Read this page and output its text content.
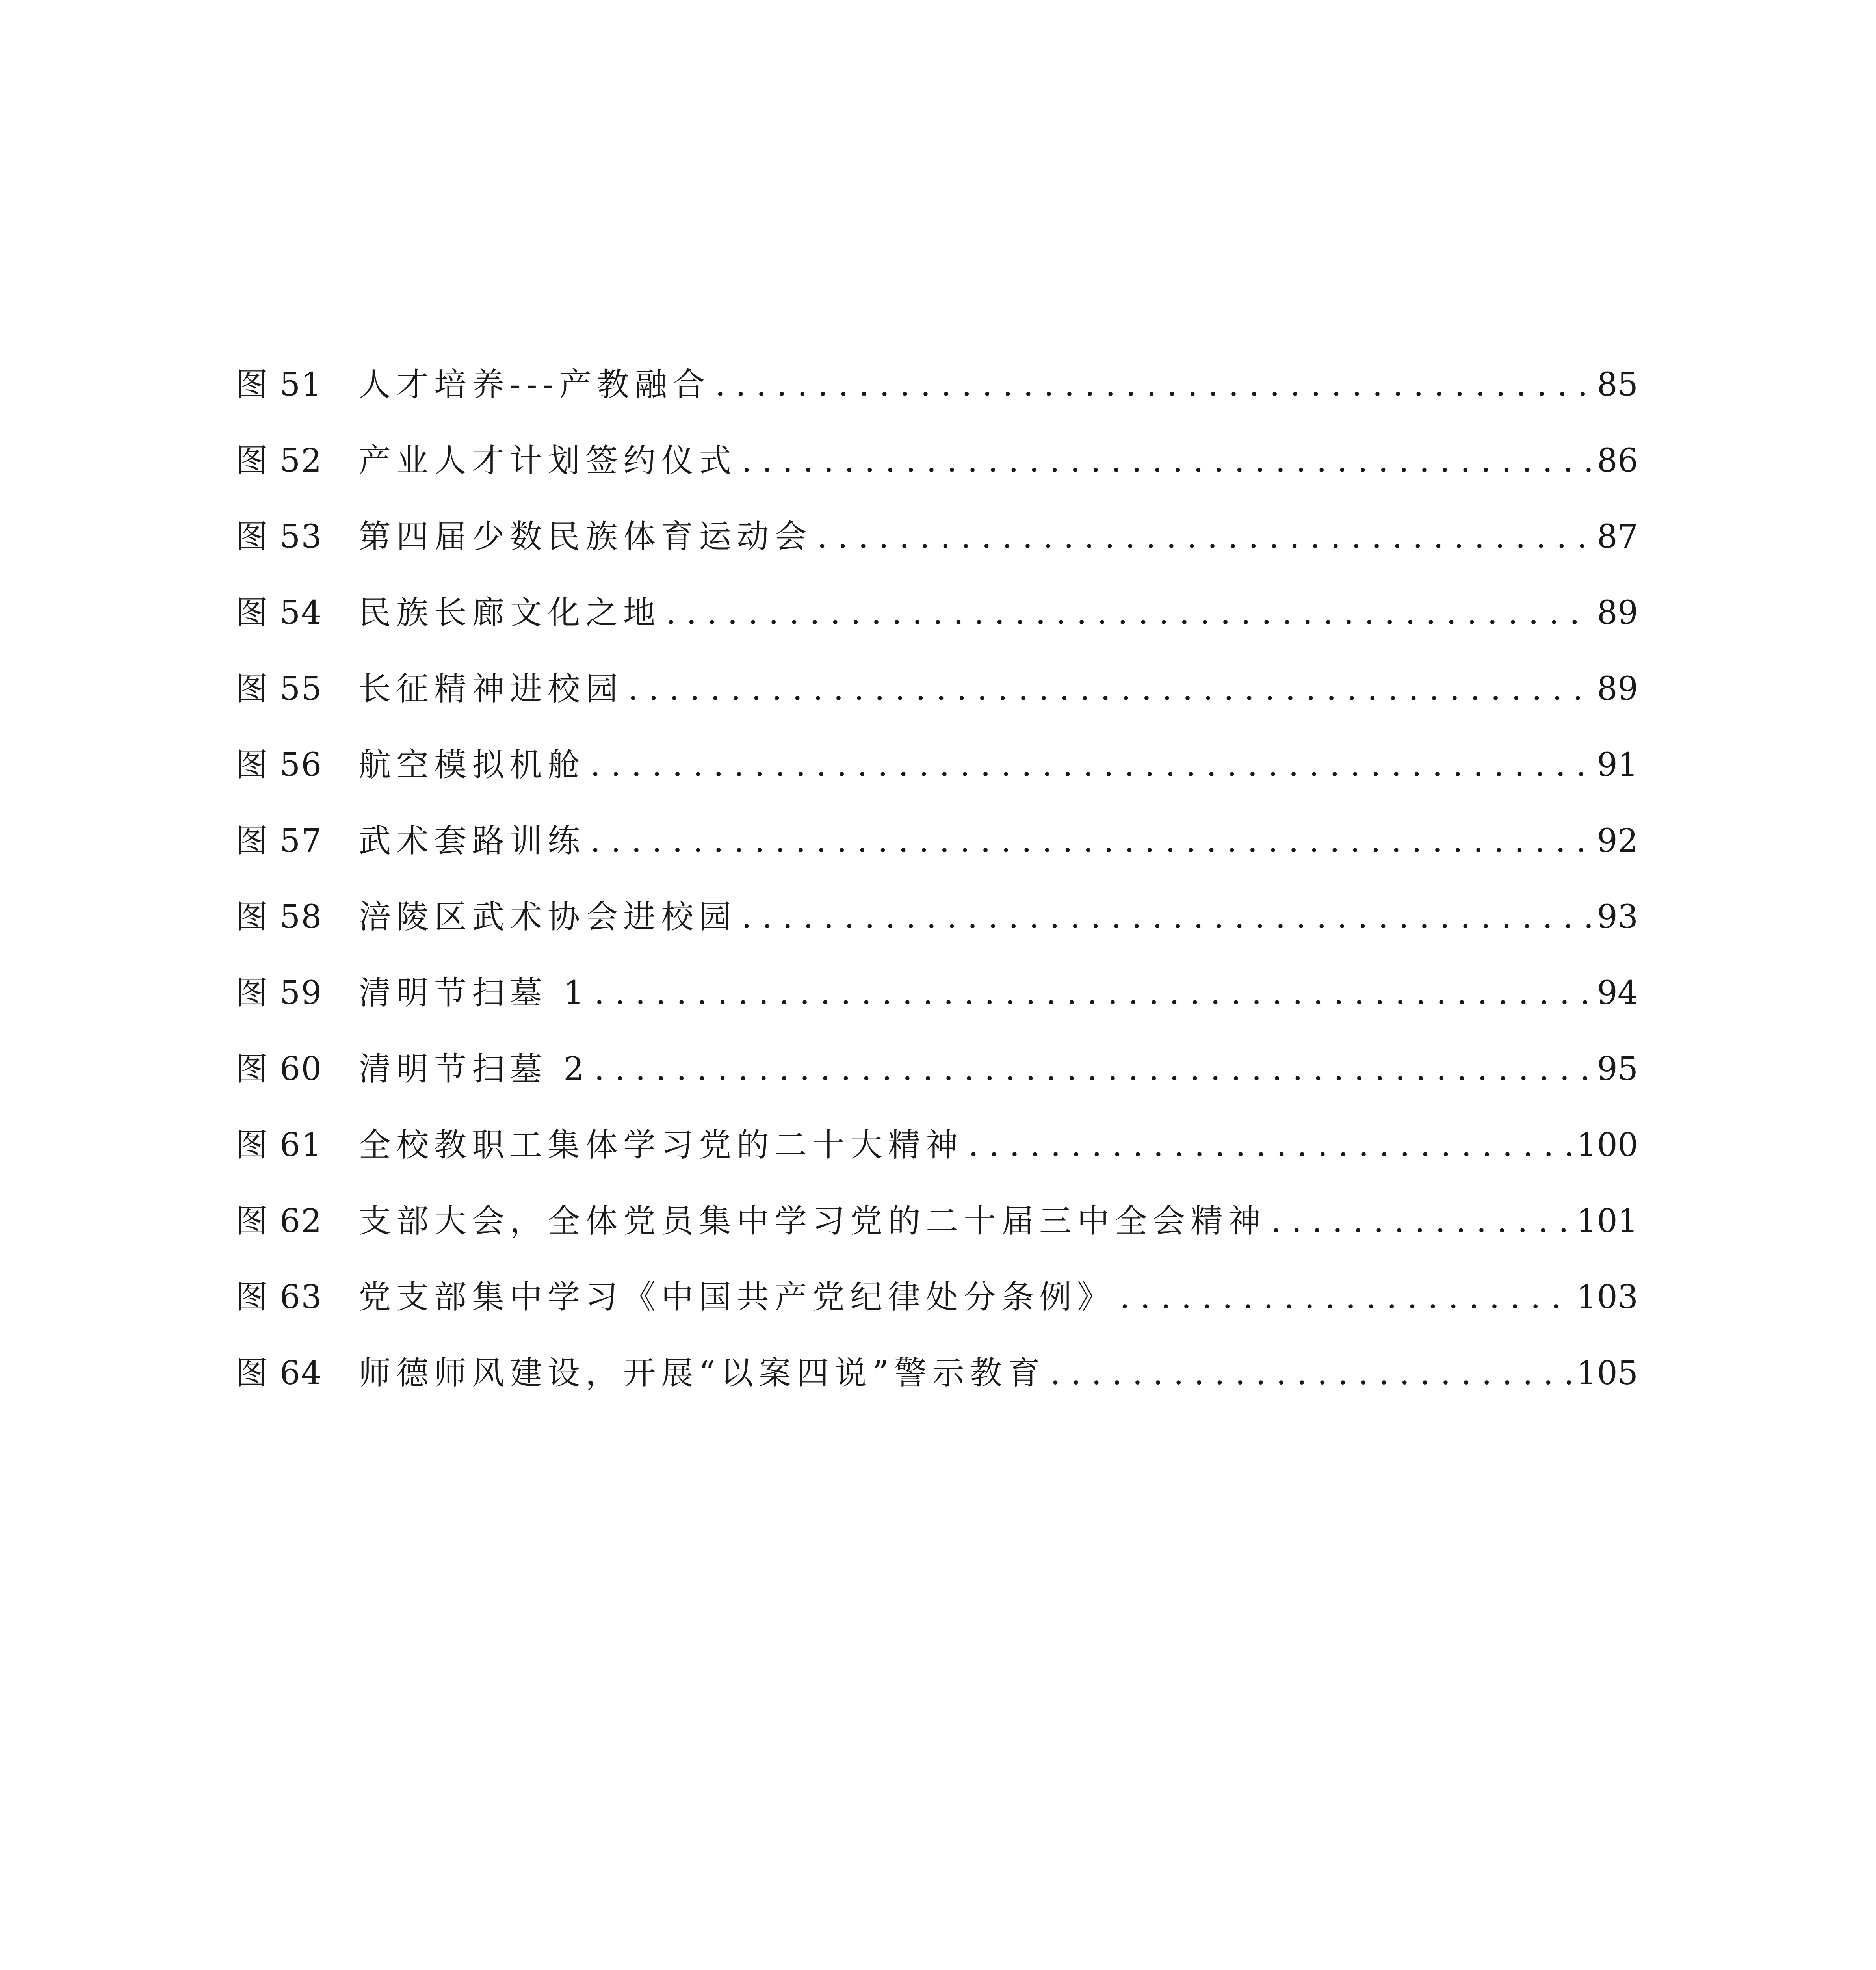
图 51	人才培养---产教融合 . . .	85
图 52	产业人才计划签约仪式 . . .	86
图 53	第四届少数民族体育运动会 . . .	87
图 54	民族长廊文化之地 . . .	89
图 55	长征精神进校园 . . .	89
图 56	航空模拟机舱 . . .	91
图 57	武术套路训练 . . .	92
图 58	涪陵区武术协会进校园 . . .	93
图 59	清明节扫墓 1 . . .	94
图 60	清明节扫墓 2 . . .	95
图 61	全校教职工集体学习党的二十大精神 . . .	100
图 62	支部大会，全体党员集中学习党的二十届三中全会精神 . . .	101
图 63	党支部集中学习《中国共产党纪律处分条例》 . . .	103
图 64	师德师风建设，开展“以案四说”警示教育 . . .	105
